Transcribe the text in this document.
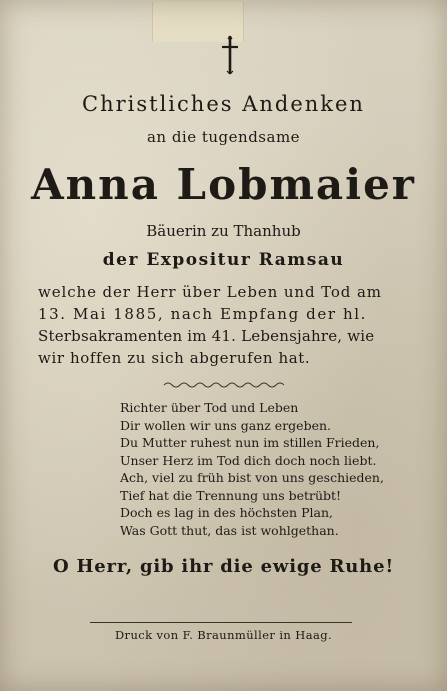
Christliches Andenken
an die tugendsame
Anna Lobmaier
Bäuerin zu Thanhub
der Expositur Ramsau
welche der Herr über Leben und Tod am
13. Mai 1885, nach Empfang der hl.
Sterbsakramenten im 41. Lebensjahre, wie
wir hoffen zu sich abgerufen hat.
Richter über Tod und Leben
Dir wollen wir uns ganz ergeben.
Du Mutter ruhest nun im stillen Frieden,
Unser Herz im Tod dich doch noch liebt.
Ach, viel zu früh bist von uns geschieden,
Tief hat die Trennung uns betrübt!
Doch es lag in des höchsten Plan,
Was Gott thut, das ist wohlgethan.
O Herr, gib ihr die ewige Ruhe!
Druck von F. Braunmüller in Haag.
